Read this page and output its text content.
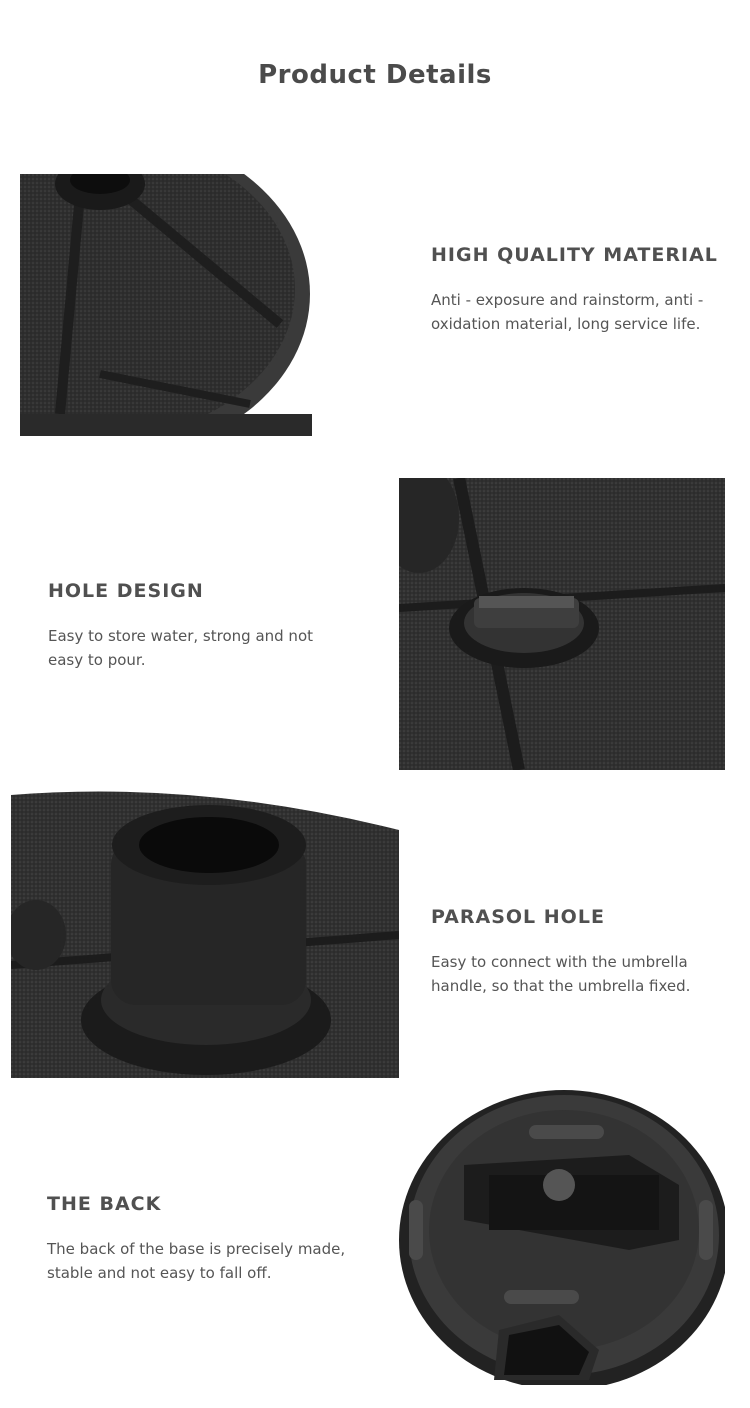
Product Details
HIGH QUALITY MATERIAL

Anti - exposure and rainstorm, anti - oxidation material, long service life.

HOLE DESIGN

Easy to store water, strong and not easy to pour.

PARASOL HOLE

Easy to connect with the umbrella handle, so that the umbrella fixed.

THE BACK

The back of the base is precisely made, stable and not easy to fall off.
